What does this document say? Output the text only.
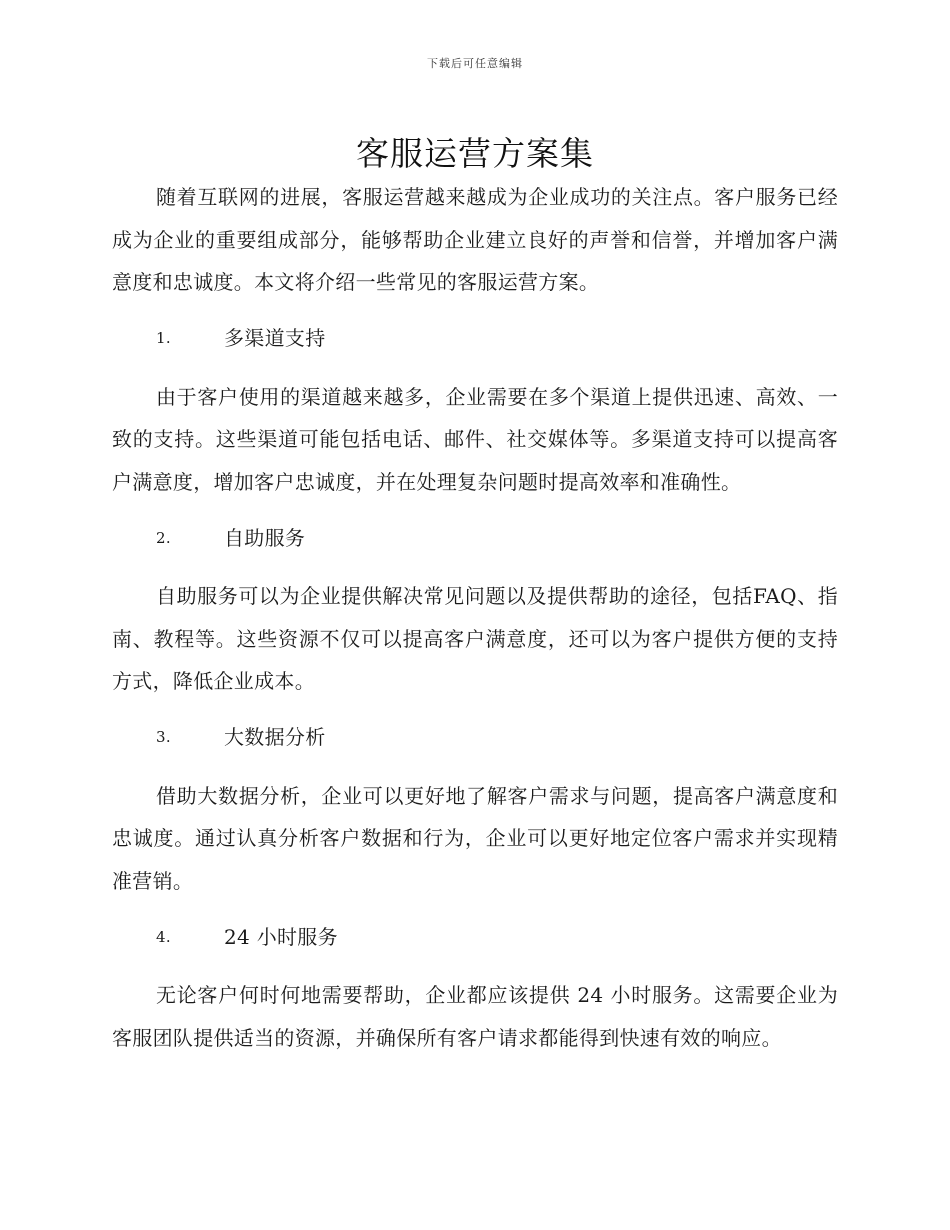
下载后可任意编辑
客服运营方案集

随着互联网的进展，客服运营越来越成为企业成功的关注点。客户服务已经成为企业的重要组成部分，能够帮助企业建立良好的声誉和信誉，并增加客户满意度和忠诚度。本文将介绍一些常见的客服运营方案。

1.	多渠道支持

由于客户使用的渠道越来越多，企业需要在多个渠道上提供迅速、高效、一致的支持。这些渠道可能包括电话、邮件、社交媒体等。多渠道支持可以提高客户满意度，增加客户忠诚度，并在处理复杂问题时提高效率和准确性。

2.	自助服务

自助服务可以为企业提供解决常见问题以及提供帮助的途径，包括FAQ、指南、教程等。这些资源不仅可以提高客户满意度，还可以为客户提供方便的支持方式，降低企业成本。

3.	大数据分析

借助大数据分析，企业可以更好地了解客户需求与问题，提高客户满意度和忠诚度。通过认真分析客户数据和行为，企业可以更好地定位客户需求并实现精准营销。

4.	24 小时服务

无论客户何时何地需要帮助，企业都应该提供 24 小时服务。这需要企业为客服团队提供适当的资源，并确保所有客户请求都能得到快速有效的响应。
